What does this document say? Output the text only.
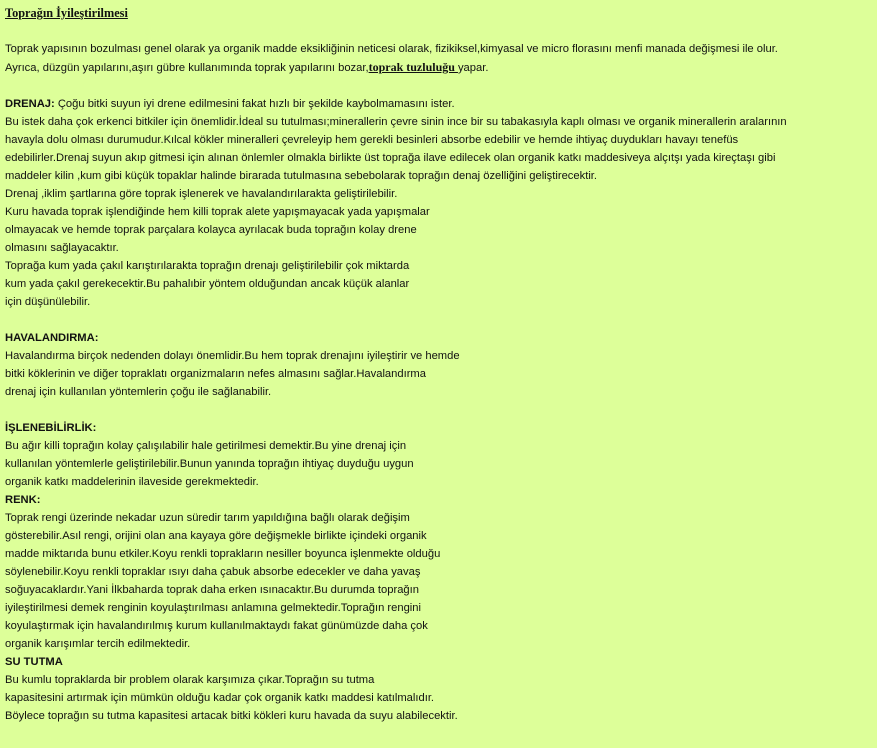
Toprağın İyileştirilmesi
Toprak yapısının bozulması genel olarak ya organik madde eksikliğinin neticesi olarak, fizikiksel,kimyasal ve micro florasını menfi manada değişmesi ile olur.
Ayrıca, düzgün yapılarını,aşırı gübre kullanımında toprak yapılarını bozar,toprak tuzluluğu yapar.
DRENAJ: Çoğu bitki suyun iyi drene edilmesini fakat hızlı bir şekilde kaybolmamasını ister.
Bu istek daha çok erkenci bitkiler için önemlidir.İdeal su tutulması;minerallerin çevre sinin ince bir su tabakasıyla kaplı olması ve organik minerallerin aralarının
havayla dolu olması durumudur.Kılcal kökler mineralleri çevreleyip hem gerekli besinleri absorbe edebilir ve hemde ihtiyaç duydukları havayı tenefüs
edebilirler.Drenaj suyun akıp gitmesi için alınan önlemler olmakla birlikte üst toprağa ilave edilecek olan organik katkı maddesiveya alçıtşı yada kireçtaşı gibi
maddeler kilin ,kum gibi küçük topaklar halinde birarada tutulmasına sebebolarak toprağın denaj özelliğini geliştirecektir.
Drenaj ,iklim şartlarına göre toprak işlenerek ve havalandırılarakta geliştirilebilir.
Kuru havada toprak işlendiğinde hem killi toprak alete yapışmayacak yada yapışmalar
olmayacak ve hemde toprak parçalara kolayca ayrılacak buda toprağın kolay drene
olmasını sağlayacaktır.
Toprağa kum yada çakıl karıştırılarakta toprağın drenajı geliştirilebilir çok miktarda
kum yada çakıl gerekecektir.Bu pahalıbir yöntem olduğundan ancak küçük alanlar
için düşünülebilir.
HAVALANDIRMA:
Havalandırma birçok nedenden dolayı önemlidir.Bu hem toprak drenajını iyileştirir ve hemde
bitki köklerinin ve diğer topraklatı organizmaların nefes almasını sağlar.Havalandırma
drenaj için kullanılan yöntemlerin çoğu ile sağlanabilir.
İŞLENEBİLİRLİK:
Bu ağır killi toprağın kolay çalışılabilir hale getirilmesi demektir.Bu yine drenaj için
kullanılan yöntemlerle geliştirilebilir.Bunun yanında toprağın ihtiyaç duyduğu uygun
organik katkı maddelerinin ilaveside gerekmektedir.
RENK:
Toprak rengi üzerinde nekadar uzun süredir tarım yapıldığına bağlı olarak değişim
gösterebilir.Asıl rengi, orijini olan ana kayaya göre değişmekle birlikte içindeki organik
madde miktarıda bunu etkiler.Koyu renkli toprakların nesiller boyunca işlenmekte olduğu
söylenebilir.Koyu renkli topraklar ısıyı daha çabuk absorbe edecekler ve daha yavaş
soğuyacaklardır.Yani İlkbaharda toprak daha erken ısınacaktır.Bu durumda toprağın
iyileştirilmesi demek renginin koyulaştırılması anlamına gelmektedir.Toprağın rengini
koyulaştırmak için havalandırılmış kurum kullanılmaktaydı fakat günümüzde daha çok
organik karışımlar tercih edilmektedir.
SU TUTMA
Bu kumlu topraklarda bir problem olarak karşımıza çıkar.Toprağın su tutma
kapasitesini artırmak için mümkün olduğu kadar çok organik katkı maddesi katılmalıdır.
Böylece toprağın su tutma kapasitesi artacak bitki kökleri kuru havada da suyu alabilecektir.
